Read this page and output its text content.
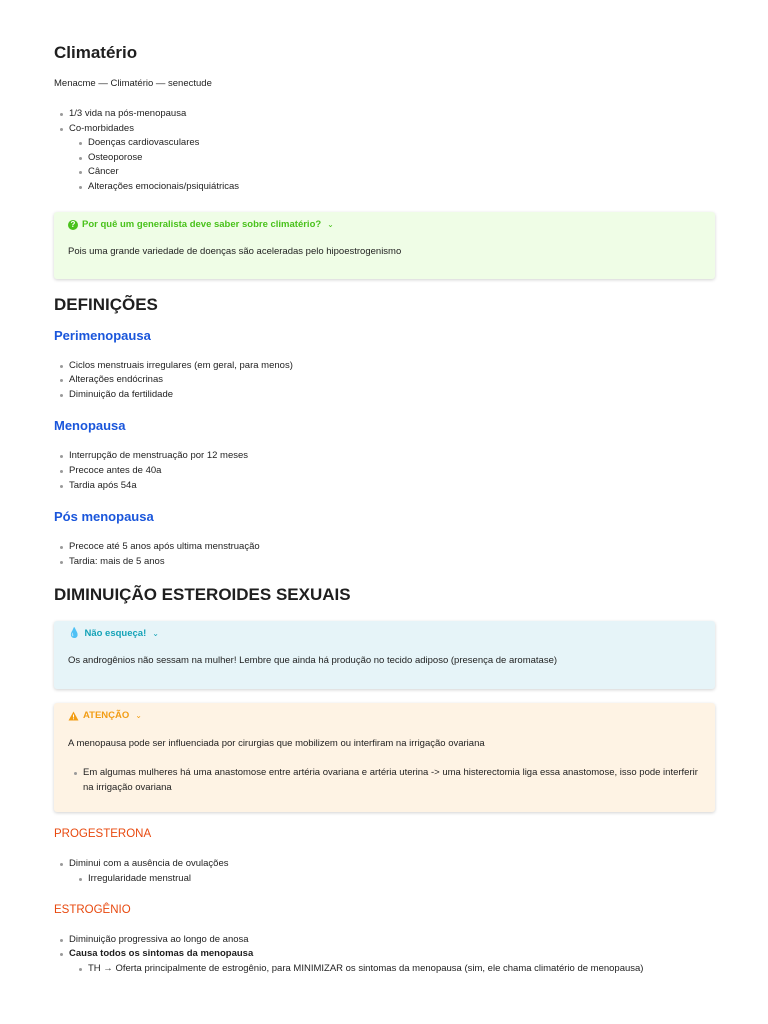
Climatério

Menacme — Climatério — senectude

1/3 vida na pós-menopausa
Co-morbidades
Doenças cardiovasculares
Osteoporose
Câncer
Alterações emocionais/psiquiátricas
? Por quê um generalista deve saber sobre climatério? ⌄
Pois uma grande variedade de doenças são aceleradas pelo hipoestrogenismo
DEFINIÇÕES
Perimenopausa
Ciclos menstruais irregulares (em geral, para menos)
Alterações endócrinas
Diminuição da fertilidade
Menopausa
Interrupção de menstruação por 12 meses
Precoce antes de 40a
Tardia após 54a
Pós menopausa
Precoce até 5 anos após ultima menstruação
Tardia: mais de 5 anos
DIMINUIÇÃO ESTEROIDES SEXUAIS
💧 Não esqueça! ⌄
Os androgênios não sessam na mulher! Lembre que ainda há produção no tecido adiposo (presença de aromatase)
ATENÇÃO ⌄
A menopausa pode ser influenciada por cirurgias que mobilizem ou interfiram na irrigação ovariana
Em algumas mulheres há uma anastomose entre artéria ovariana e artéria uterina -> uma histerectomia liga essa anastomose, isso pode interferir na irrigação ovariana
PROGESTERONA
Diminui com a ausência de ovulações
Irregularidade menstrual
ESTROGÊNIO
Diminuição progressiva ao longo de anosa
Causa todos os sintomas da menopausa
TH → Oferta principalmente de estrogênio, para MINIMIZAR os sintomas da menopausa (sim, ele chama climatério de menopausa)
